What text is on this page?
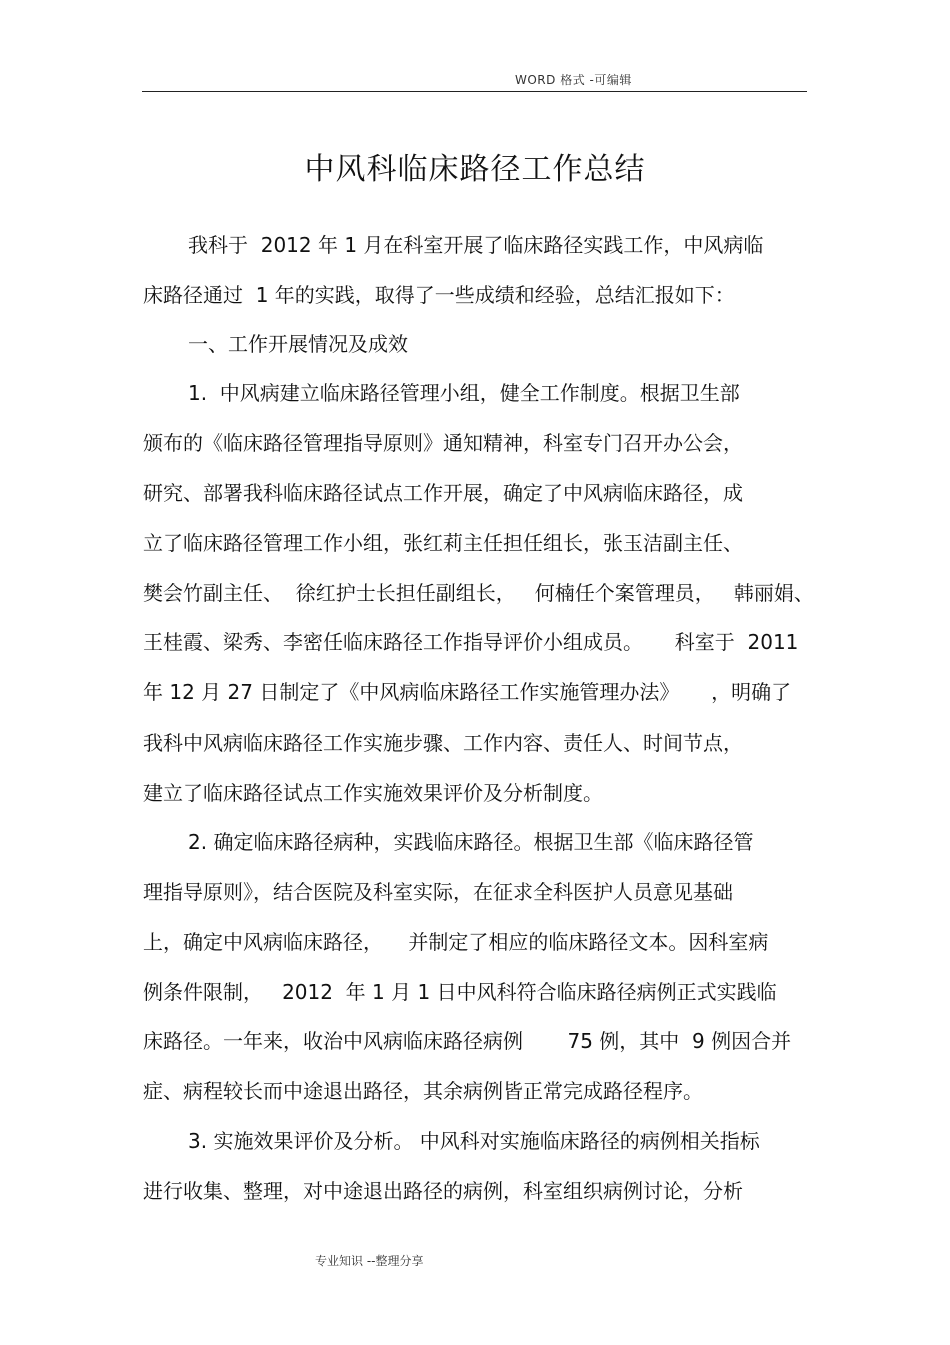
WORD 格式 -可编辑
中风科临床路径工作总结
我科于  2012 年 1 月在科室开展了临床路径实践工作，中风病临
床路径通过  1 年的实践，取得了一些成绩和经验，总结汇报如下：
一、工作开展情况及成效
1.  中风病建立临床路径管理小组，健全工作制度。根据卫生部
颁布的《临床路径管理指导原则》通知精神，科室专门召开办公会，
研究、部署我科临床路径试点工作开展，确定了中风病临床路径，成
立了临床路径管理工作小组，张红莉主任担任组长，张玉洁副主任、
樊会竹副主任、  徐红护士长担任副组长，   何楠任个案管理员，   韩丽娟、
王桂霞、梁秀、李密任临床路径工作指导评价小组成员。     科室于  2011
年 12 月 27 日制定了《中风病临床路径工作实施管理办法》     ，明确了
我科中风病临床路径工作实施步骤、工作内容、责任人、时间节点，
建立了临床路径试点工作实施效果评价及分析制度。
2. 确定临床路径病种，实践临床路径。根据卫生部《临床路径管
理指导原则》，结合医院及科室实际，在征求全科医护人员意见基础
上，确定中风病临床路径，    并制定了相应的临床路径文本。因科室病
例条件限制，   2012  年 1 月 1 日中风科符合临床路径病例正式实践临
床路径。一年来，收治中风病临床路径病例       75 例，其中  9 例因合并
症、病程较长而中途退出路径，其余病例皆正常完成路径程序。
3. 实施效果评价及分析。 中风科对实施临床路径的病例相关指标
进行收集、整理，对中途退出路径的病例，科室组织病例讨论，分析
专业知识 --整理分享
